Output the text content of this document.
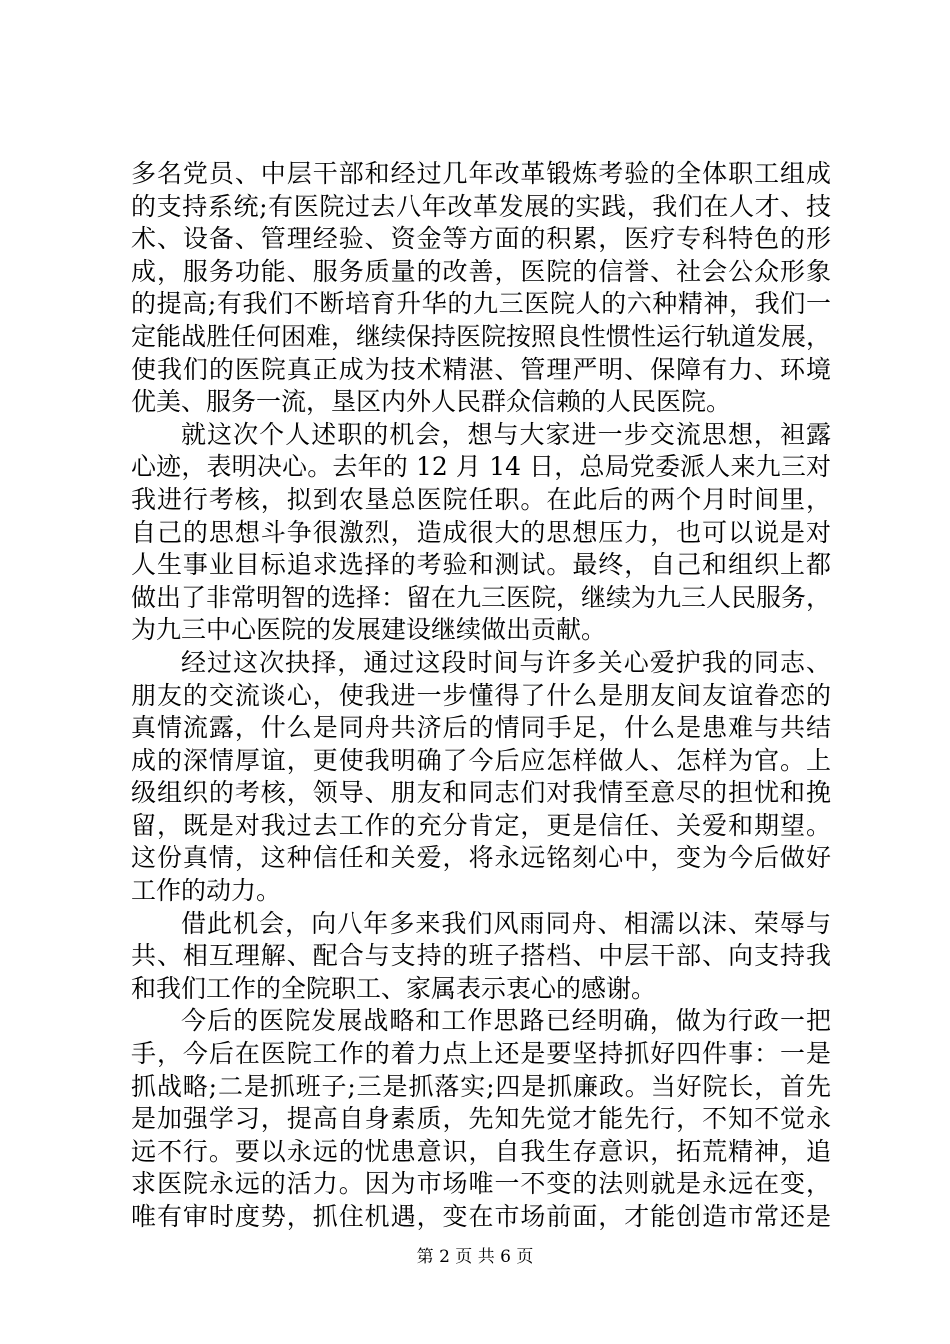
多名党员、中层干部和经过几年改革锻炼考验的全体职工组成
的支持系统;有医院过去八年改革发展的实践，我们在人才、技
术、设备、管理经验、资金等方面的积累，医疗专科特色的形
成，服务功能、服务质量的改善，医院的信誉、社会公众形象
的提高;有我们不断培育升华的九三医院人的六种精神，我们一
定能战胜任何困难，继续保持医院按照良性惯性运行轨道发展，
使我们的医院真正成为技术精湛、管理严明、保障有力、环境
优美、服务一流，垦区内外人民群众信赖的人民医院。
就这次个人述职的机会，想与大家进一步交流思想，袒露
心迹，表明决心。去年的 12 月 14 日，总局党委派人来九三对
我进行考核，拟到农垦总医院任职。在此后的两个月时间里，
自己的思想斗争很激烈，造成很大的思想压力，也可以说是对
人生事业目标追求选择的考验和测试。最终，自己和组织上都
做出了非常明智的选择：留在九三医院，继续为九三人民服务，
为九三中心医院的发展建设继续做出贡献。
经过这次抉择，通过这段时间与许多关心爱护我的同志、
朋友的交流谈心，使我进一步懂得了什么是朋友间友谊眷恋的
真情流露，什么是同舟共济后的情同手足，什么是患难与共结
成的深情厚谊，更使我明确了今后应怎样做人、怎样为官。上
级组织的考核，领导、朋友和同志们对我情至意尽的担忧和挽
留，既是对我过去工作的充分肯定，更是信任、关爱和期望。
这份真情，这种信任和关爱，将永远铭刻心中，变为今后做好
工作的动力。
借此机会，向八年多来我们风雨同舟、相濡以沫、荣辱与
共、相互理解、配合与支持的班子搭档、中层干部、向支持我
和我们工作的全院职工、家属表示衷心的感谢。
今后的医院发展战略和工作思路已经明确，做为行政一把
手，今后在医院工作的着力点上还是要坚持抓好四件事：一是
抓战略;二是抓班子;三是抓落实;四是抓廉政。当好院长，首先
是加强学习，提高自身素质，先知先觉才能先行，不知不觉永
远不行。要以永远的忧患意识，自我生存意识，拓荒精神，追
求医院永远的活力。因为市场唯一不变的法则就是永远在变，
唯有审时度势，抓住机遇，变在市场前面，才能创造市常还是
第 2 页 共 6 页
